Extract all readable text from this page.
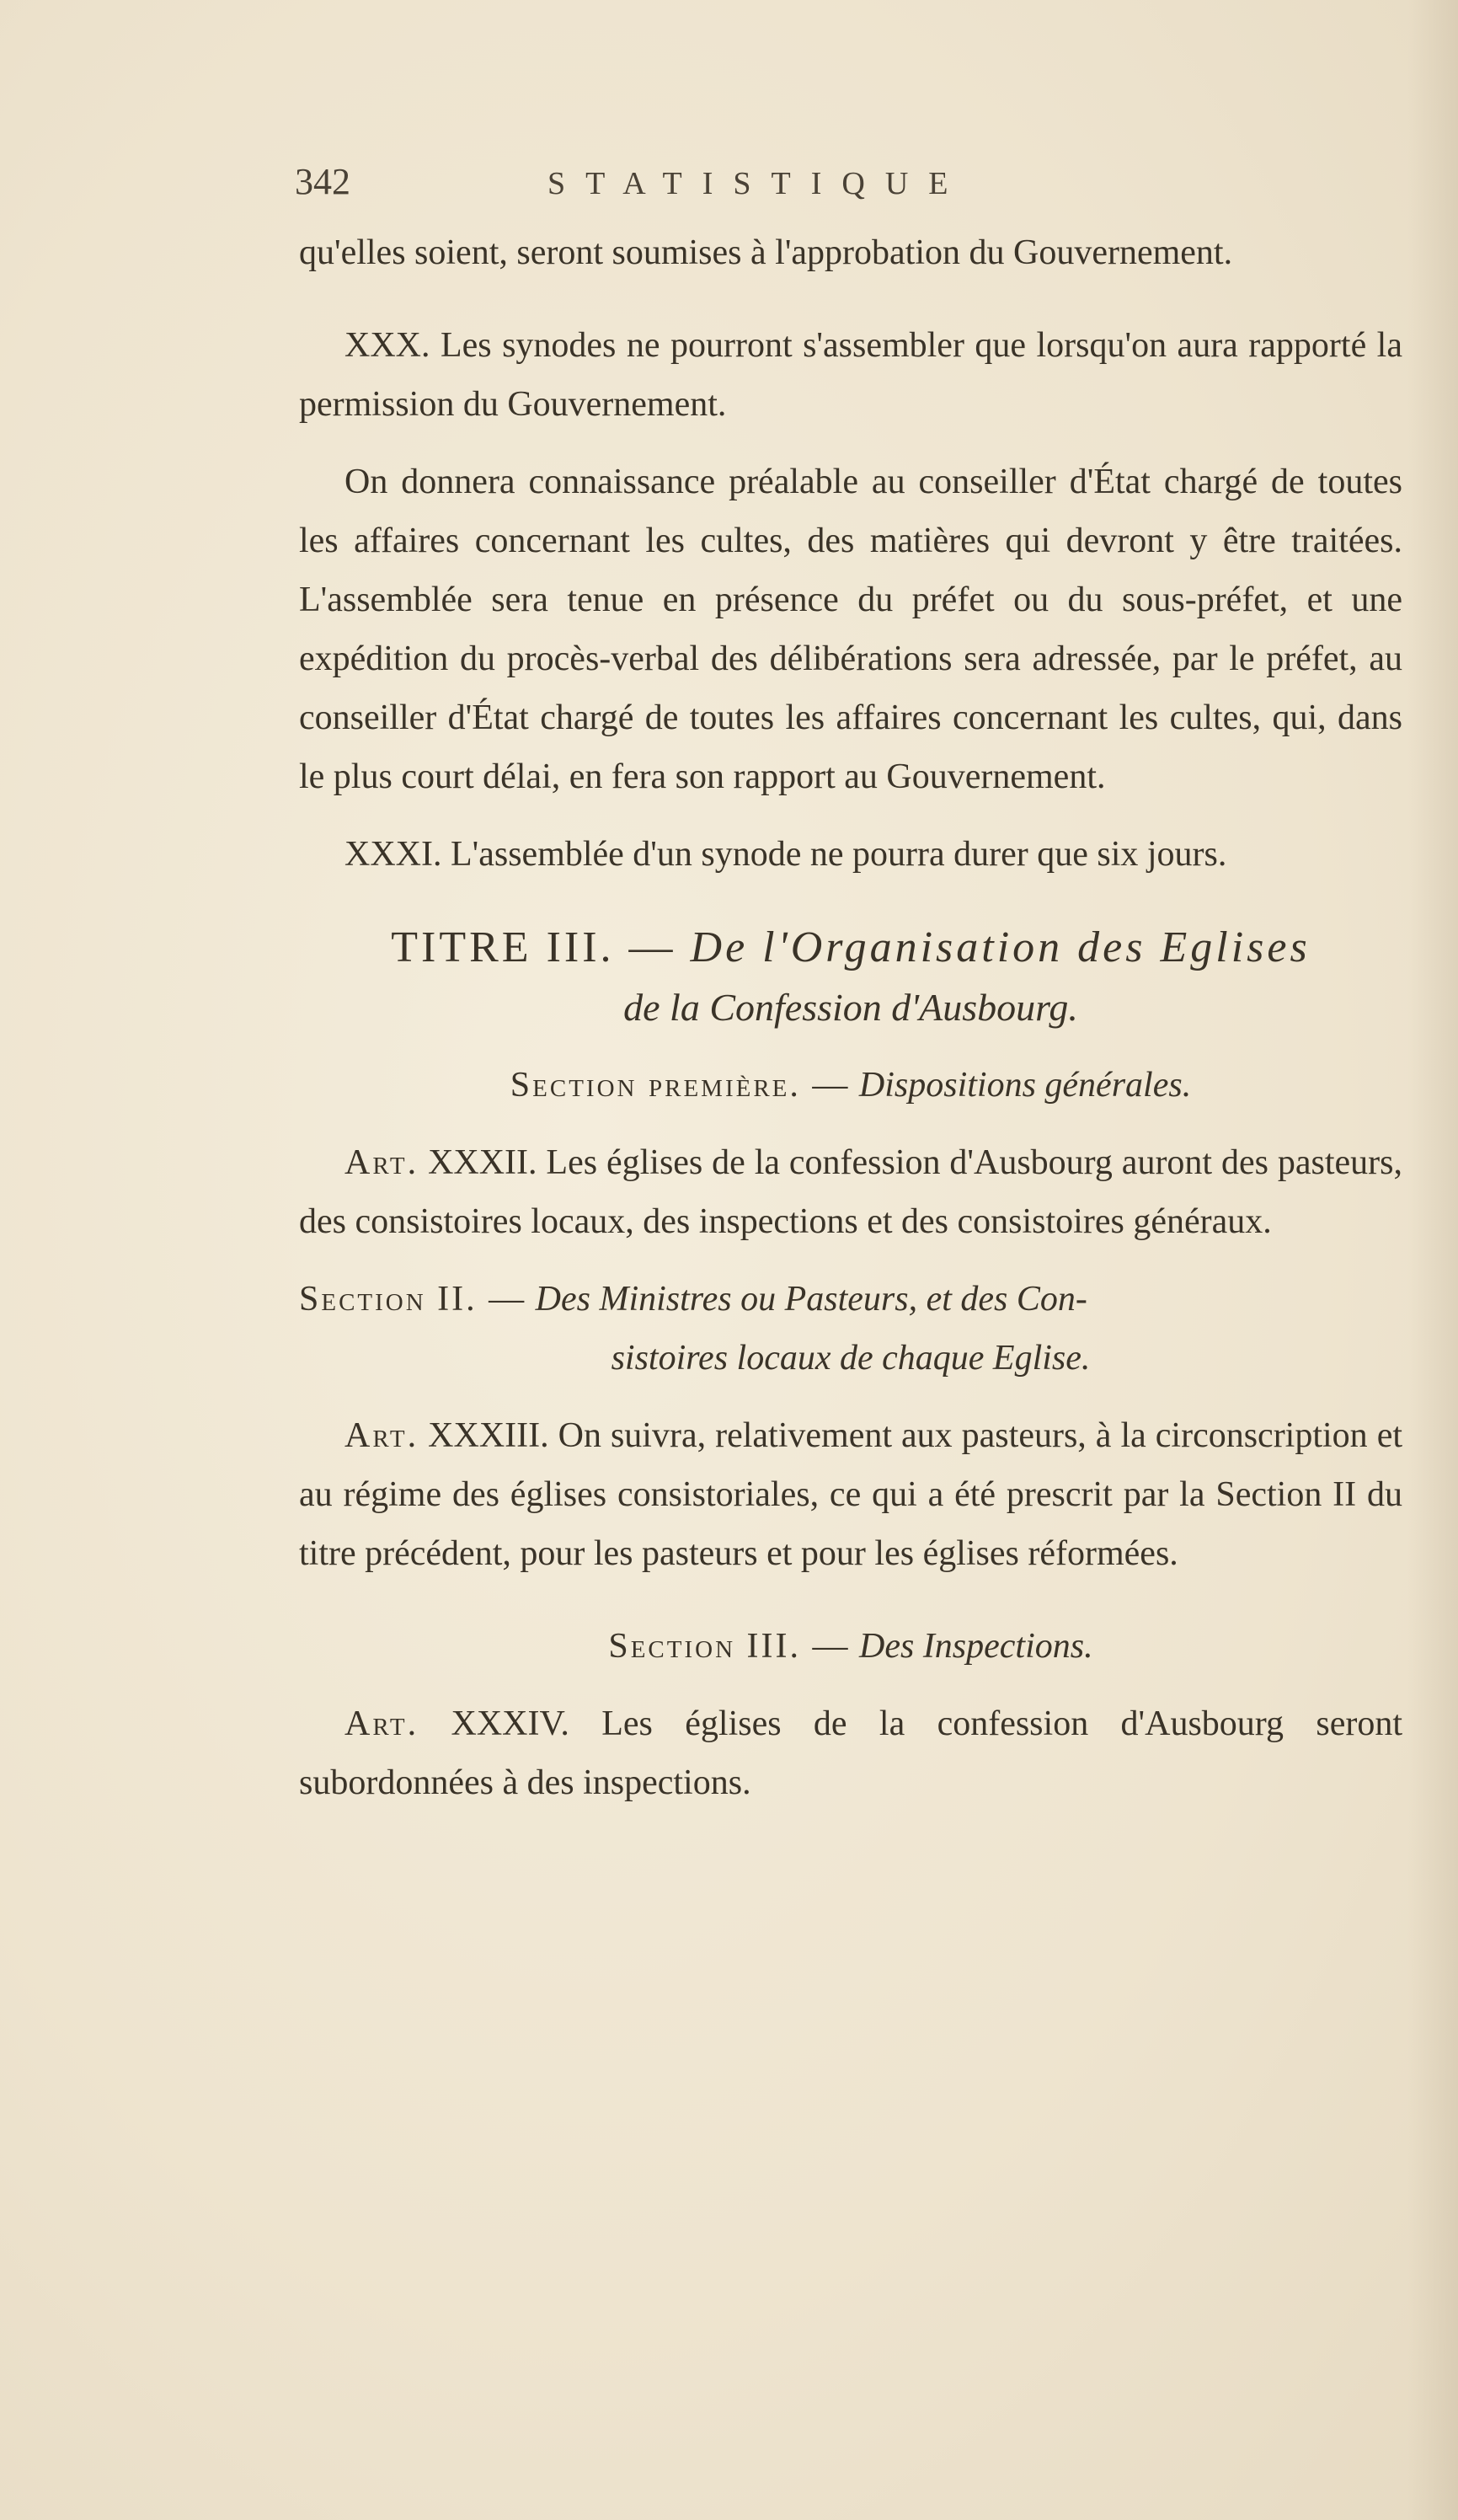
342	STATISTIQUE

qu'elles soient, seront soumises à l'approbation du Gouvernement.

XXX. Les synodes ne pourront s'assembler que lorsqu'on aura rapporté la permission du Gouvernement.

On donnera connaissance préalable au conseiller d'État chargé de toutes les affaires concernant les cultes, des matières qui devront y être traitées. L'assemblée sera tenue en présence du préfet ou du sous-préfet, et une expédition du procès-verbal des délibérations sera adressée, par le préfet, au conseiller d'État chargé de toutes les affaires concernant les cultes, qui, dans le plus court délai, en fera son rapport au Gouvernement.

XXXI. L'assemblée d'un synode ne pourra durer que six jours.

TITRE III. — De l'Organisation des Eglises

de la Confession d'Ausbourg.

Section première. — Dispositions générales.

Art. XXXII. Les églises de la confession d'Ausbourg auront des pasteurs, des consistoires locaux, des inspections et des consistoires généraux.

Section II. — Des Ministres ou Pasteurs, et des Con-

sistoires locaux de chaque Eglise.

Art. XXXIII. On suivra, relativement aux pasteurs, à la circonscription et au régime des églises consistoriales, ce qui a été prescrit par la Section II du titre précédent, pour les pasteurs et pour les églises réformées.

Section III. — Des Inspections.

Art. XXXIV. Les églises de la confession d'Ausbourg seront subordonnées à des inspections.
